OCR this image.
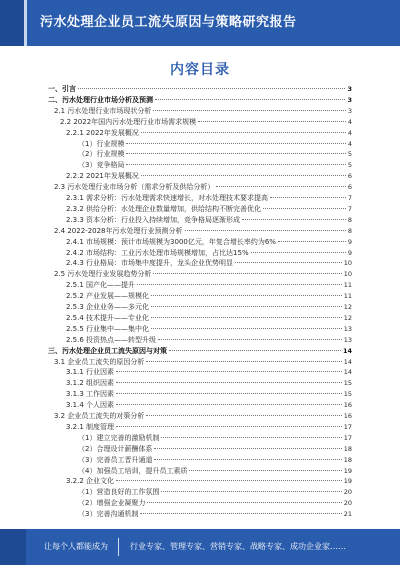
污水处理企业员工流失原因与策略研究报告
内容目录
一、引言	3
二、污水处理行业市场分析及预测	3
2.1 污水处理行业市场现状分析	3
2.2 2022年国内污水处理行业市场需求规模	4
2.2.1 2022年发展概况	4
（1）行业规模	4
（2）行业规模	5
（3）竞争格局	5
2.2.2 2021年发展概况	6
2.3 污水处理行业市场分析（需求分析及供给分析）	6
2.3.1 需求分析：污水处理需求快速增长，对水处理技术要求提高	7
2.3.2 供给分析：水处理企业数量增加，供给结构不断完善优化	7
2.3.3 资本分析：行业投入持续增加，竞争格局逐渐形成	8
2.4 2022-2028年污水处理行业预测分析	8
2.4.1 市场规模：预计市场规模为3000亿元，年复合增长率约为6%	9
2.4.2 市场结构：工业污水处理市场规模增加，占比达15%	9
2.4.3 行业格局：市场集中度提升，龙头企业优势明显	10
2.5 污水处理行业发展趋势分析	10
2.5.1 国产化——提升	11
2.5.2 产业发展——规模化	11
2.5.3 企业业务——多元化	12
2.5.4 技术提升——专业化	12
2.5.5 行业集中——集中化	13
2.5.6 投资热点——转型升级	13
三、污水处理企业员工流失原因与对策	14
3.1 企业员工流失的原因分析	14
3.1.1 行业因素	14
3.1.2 组织因素	15
3.1.3 工作因素	15
3.1.4 个人因素	16
3.2 企业员工流失的对策分析	16
3.2.1 制度管理	17
（1）建立完善的激励机制	17
（2）合理设计薪酬体系	18
（3）完善员工晋升通道	18
（4）加强员工培训，提升员工素质	19
3.2.2 企业文化	19
（1）营造良好的工作氛围	20
（2）增强企业凝聚力	20
（3）完善沟通机制	21
让每个人都能成为	行业专家、管理专家、营销专家、战略专家、成功企业家……
